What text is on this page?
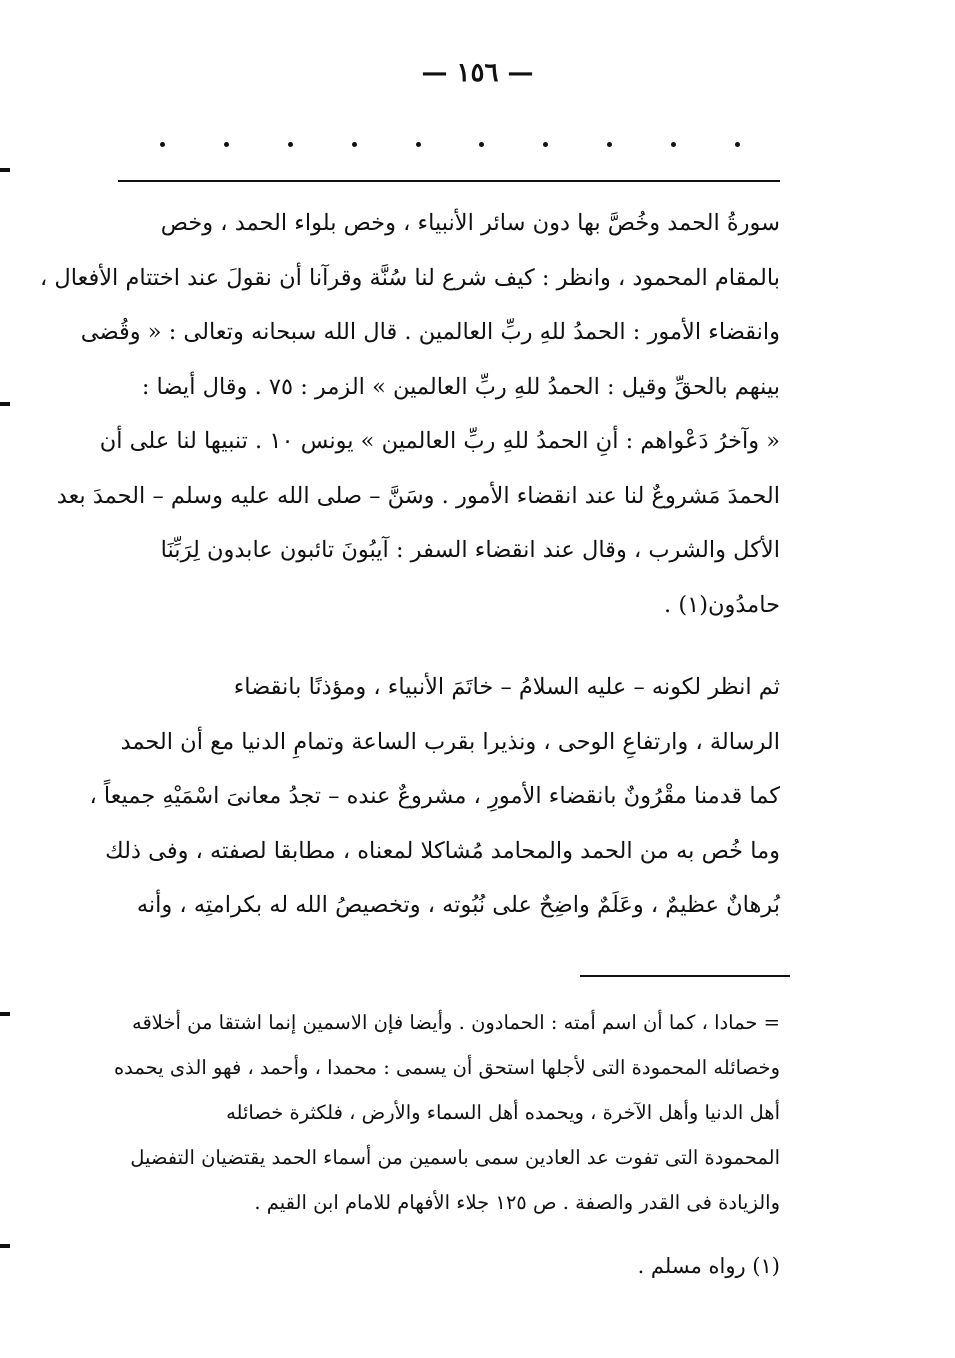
— ١٥٦ —
سورةُ الحمد وخُصَّ بها دون سائر الأنبياء ، وخص بلواء الحمد ، وخص
بالمقام المحمود ، وانظر : كيف شرع لنا سُنَّة وقرآنا أن نقولَ عند اختتام الأفعال ،
وانقضاء الأمور : الحمدُ للهِ ربِّ العالمين . قال الله سبحانه وتعالى : « وقُضى
بينهم بالحقِّ وقيل : الحمدُ للهِ ربِّ العالمين » الزمر : ٧٥ . وقال أيضا :
« وآخرُ دَعْواهم : أنِ الحمدُ للهِ ربِّ العالمين » يونس ١٠ . تنبيها لنا على أن
الحمدَ مَشروعٌ لنا عند انقضاء الأمور . وسَنَّ – صلى الله عليه وسلم – الحمدَ بعد
الأكل والشرب ، وقال عند انقضاء السفر : آيبُونَ تائبون عابدون لِرَبِّنَا
حامدُون(١) .
ثم انظر لكونه – عليه السلامُ – خاتَمَ الأنبياء ، ومؤذنًا بانقضاء
الرسالة ، وارتفاعِ الوحى ، ونذيرا بقرب الساعة وتمامِ الدنيا مع أن الحمد
كما قدمنا مقْرُونٌ بانقضاء الأمورِ ، مشروعٌ عنده – تجدُ معانىَ اسْمَيْهِ جميعاً ،
وما خُص به من الحمد والمحامد مُشاكلا لمعناه ، مطابقا لصفته ، وفى ذلك
بُرهانٌ عظيمٌ ، وعَلَمٌ واضِحٌ على نُبُوته ، وتخصيصُ الله له بكرامتِه ، وأنه
= حمادا ، كما أن اسم أمته : الحمادون . وأيضا فإن الاسمين إنما اشتقا من أخلاقه
وخصائله المحمودة التى لأجلها استحق أن يسمى : محمدا ، وأحمد ، فهو الذى يحمده
أهل الدنيا وأهل الآخرة ، ويحمده أهل السماء والأرض ، فلكثرة خصائله
المحمودة التى تفوت عد العادين سمى باسمين من أسماء الحمد يقتضيان التفضيل
والزيادة فى القدر والصفة . ص ١٢٥ جلاء الأفهام للامام ابن القيم .
(١) رواه مسلم .
